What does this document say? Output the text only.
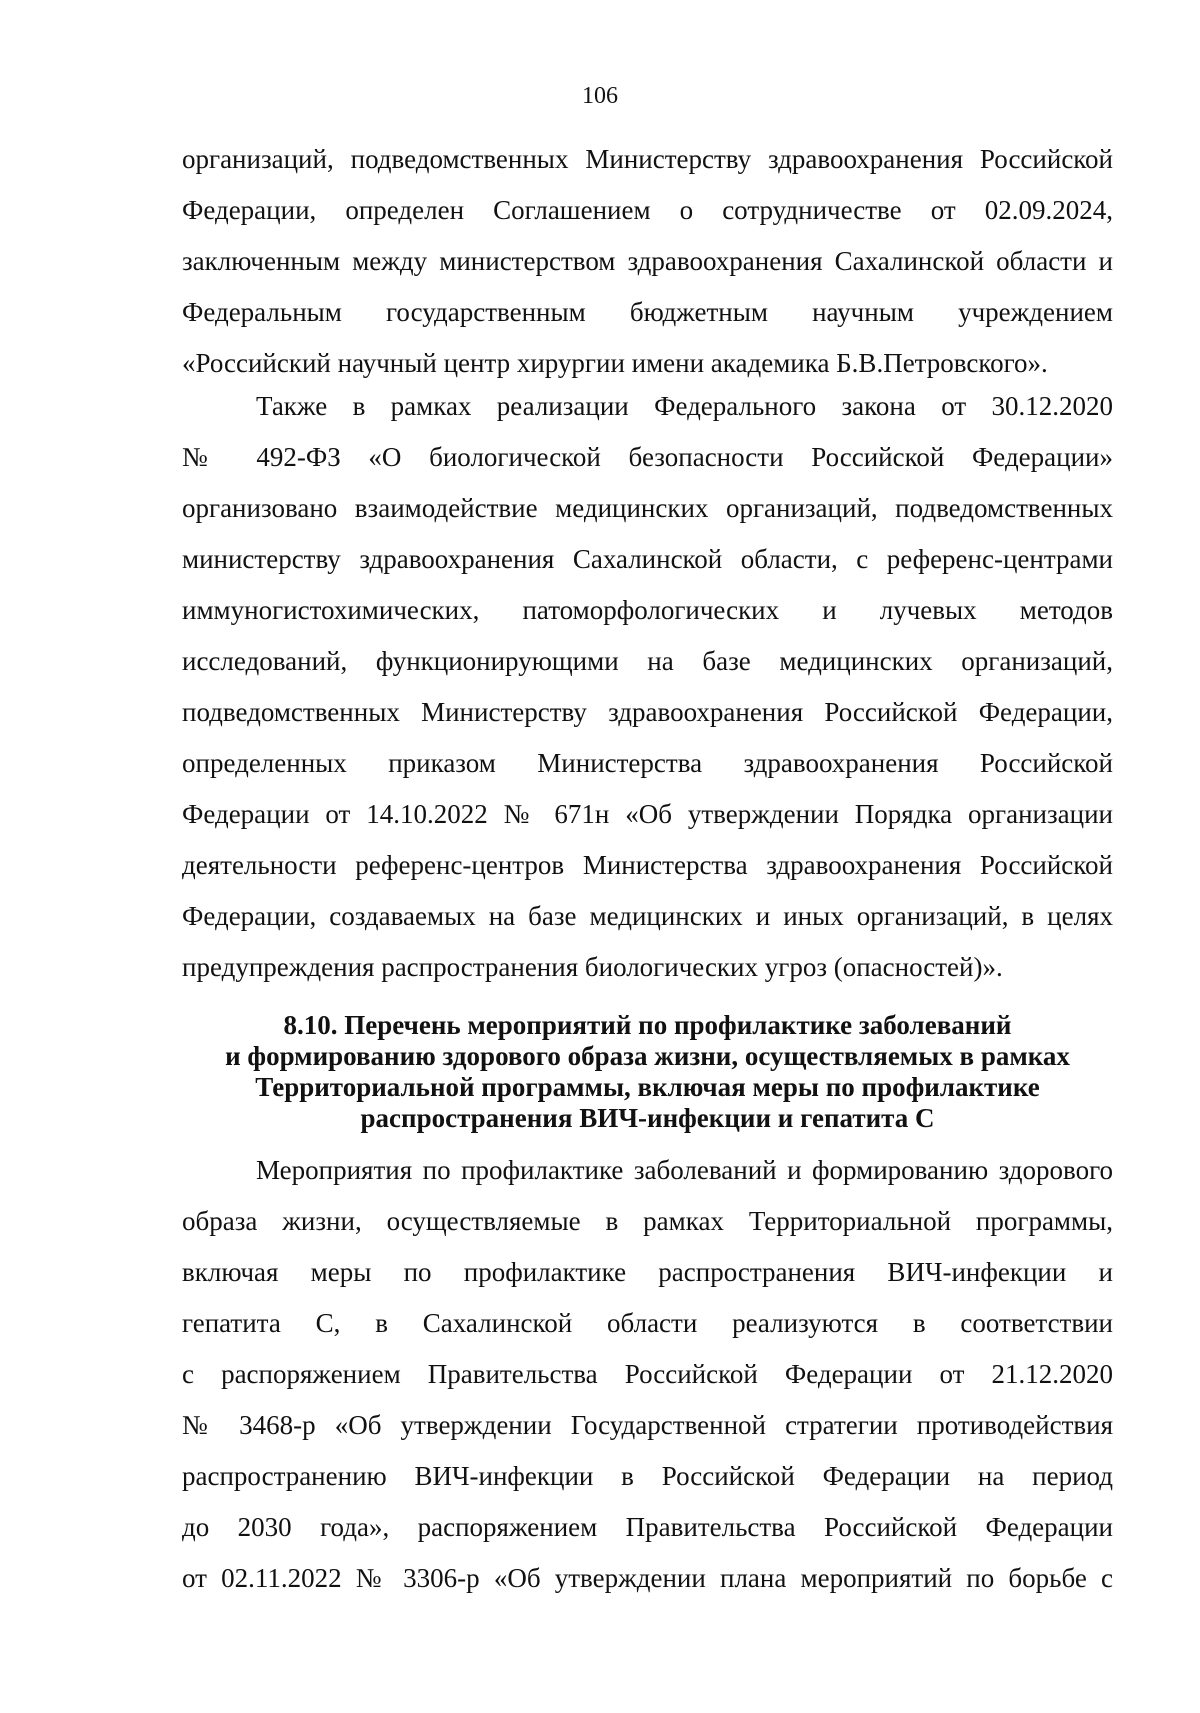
106
организаций, подведомственных Министерству здравоохранения Российской
Федерации, определен Соглашением о сотрудничестве от 02.09.2024,
заключенным между министерством здравоохранения Сахалинской области и
Федеральным государственным бюджетным научным учреждением
«Российский научный центр хирургии имени академика Б.В.Петровского».
Также в рамках реализации Федерального закона от 30.12.2020
№ 492-ФЗ «О биологической безопасности Российской Федерации»
организовано взаимодействие медицинских организаций, подведомственных
министерству здравоохранения Сахалинской области, с референс-центрами
иммуногистохимических, патоморфологических и лучевых методов
исследований, функционирующими на базе медицинских организаций,
подведомственных Министерству здравоохранения Российской Федерации,
определенных приказом Министерства здравоохранения Российской
Федерации от 14.10.2022 № 671н «Об утверждении Порядка организации
деятельности референс-центров Министерства здравоохранения Российской
Федерации, создаваемых на базе медицинских и иных организаций, в целях
предупреждения распространения биологических угроз (опасностей)».
8.10. Перечень мероприятий по профилактике заболеваний
и формированию здорового образа жизни, осуществляемых в рамках
Территориальной программы, включая меры по профилактике
распространения ВИЧ-инфекции и гепатита С
Мероприятия по профилактике заболеваний и формированию здорового
образа жизни, осуществляемые в рамках Территориальной программы,
включая меры по профилактике распространения ВИЧ-инфекции и
гепатита С, в Сахалинской области реализуются в соответствии
с распоряжением Правительства Российской Федерации от 21.12.2020
№ 3468-р «Об утверждении Государственной стратегии противодействия
распространению ВИЧ-инфекции в Российской Федерации на период
до 2030 года», распоряжением Правительства Российской Федерации
от 02.11.2022 № 3306-р «Об утверждении плана мероприятий по борьбе с
